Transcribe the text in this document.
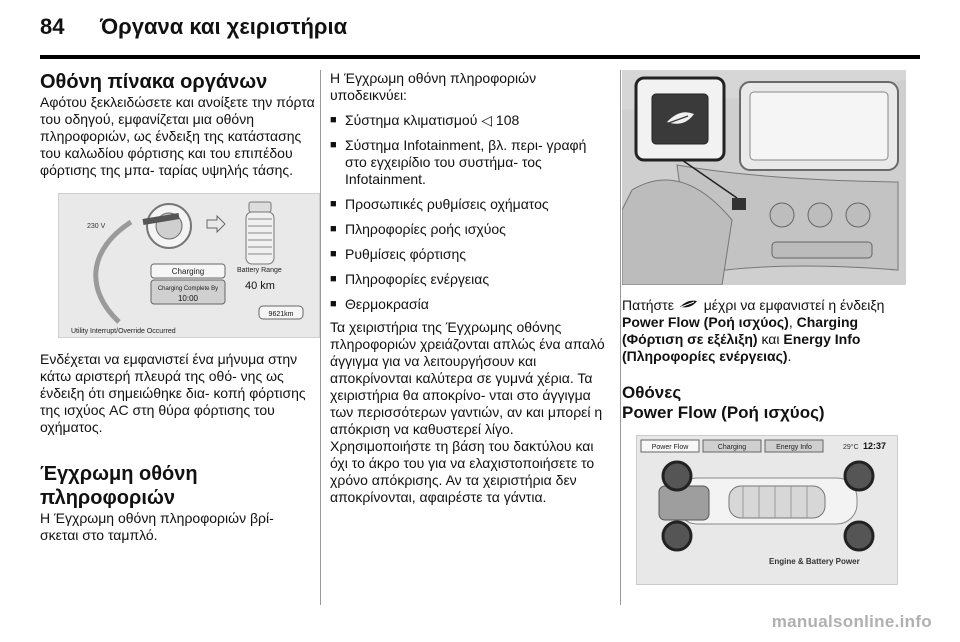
84	Όργανα και χειριστήρια
Οθόνη πίνακα οργάνων

Αφότου ξεκλειδώσετε και ανοίξετε την πόρτα του οδηγού, εμφανίζεται μια οθόνη πληροφοριών, ως ένδειξη της κατάστασης του καλωδίου φόρτισης και του επιπέδου φόρτισης της μπα- ταρίας υψηλής τάσης.

230 V
Charging
Charging Complete By
10:00
Battery Range
40 km
9621km
Utility Interrupt/Override Occurred

Ενδέχεται να εμφανιστεί ένα μήνυμα στην κάτω αριστερή πλευρά της οθό- νης ως ένδειξη ότι σημειώθηκε δια- κοπή φόρτισης της ισχύος AC στη θύρα φόρτισης του οχήματος.

Έγχρωμη οθόνη πληροφοριών

Η Έγχρωμη οθόνη πληροφοριών βρί- σκεται στο ταμπλό.

Η Έγχρωμη οθόνη πληροφοριών υποδεικνύει:

■ Σύστημα κλιματισμού ◁ 108
■ Σύστημα Infotainment, βλ. περι- γραφή στο εγχειρίδιο του συστήμα- τος Infotainment.
■ Προσωπικές ρυθμίσεις οχήματος
■ Πληροφορίες ροής ισχύος
■ Ρυθμίσεις φόρτισης
■ Πληροφορίες ενέργειας
■ Θερμοκρασία

Τα χειριστήρια της Έγχρωμης οθόνης πληροφοριών χρειάζονται απλώς ένα απαλό άγγιγμα για να λειτουργήσουν και αποκρίνονται καλύτερα σε γυμνά χέρια. Τα χειριστήρια θα αποκρίνο- νται στο άγγιγμα των περισσότερων γαντιών, αν και μπορεί η απόκριση να καθυστερεί λίγο. Χρησιμοποιήστε τη βάση του δακτύλου και όχι το άκρο του για να ελαχιστοποιήσετε το χρόνο απόκρισης. Αν τα χειριστήρια δεν αποκρίνονται, αφαιρέστε τα γάντια.

Πατήστε μέχρι να εμφανιστεί η ένδειξη Power Flow (Ροή ισχύος), Charging (Φόρτιση σε εξέλιξη) και Energy Info (Πληροφορίες ενέργειας).

Οθόνες
Power Flow (Ροή ισχύος)
Power Flow	Charging	Energy Info	29°C 12:37
Engine & Battery Power
manualsonline.info
